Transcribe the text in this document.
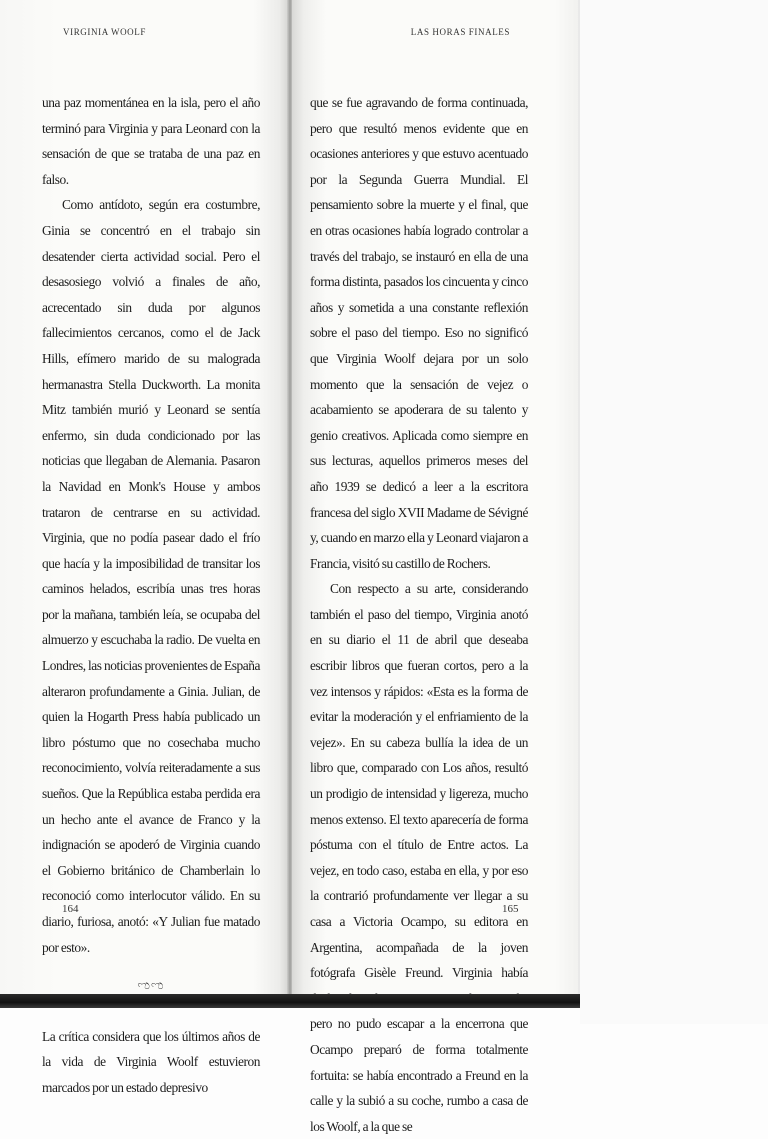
VIRGINIA WOOLF

una paz momentánea en la isla, pero el año terminó para Virginia y para Leonard con la sensación de que se trataba de una paz en falso.

Como antídoto, según era costumbre, Ginia se concentró en el trabajo sin desatender cierta actividad social. Pero el desasosiego volvió a finales de año, acrecentado sin duda por algunos fallecimientos cercanos, como el de Jack Hills, efímero marido de su malograda hermanastra Stella Duckworth. La monita Mitz también murió y Leonard se sentía enfermo, sin duda condicionado por las noticias que llegaban de Alemania. Pasaron la Navidad en Monk's House y ambos trataron de centrarse en su actividad. Virginia, que no podía pasear dado el frío que hacía y la imposibilidad de transitar los caminos helados, escribía unas tres horas por la mañana, también leía, se ocupaba del almuerzo y escuchaba la radio. De vuelta en Londres, las noticias provenientes de España alteraron profundamente a Ginia. Julian, de quien la Hogarth Press había publicado un libro póstumo que no cosechaba mucho reconocimiento, volvía reiteradamente a sus sueños. Que la República estaba perdida era un hecho ante el avance de Franco y la indignación se apoderó de Virginia cuando el Gobierno británico de Chamberlain lo reconoció como interlocutor válido. En su diario, furiosa, anotó: «Y Julian fue matado por esto».

ಌಌ

La crítica considera que los últimos años de la vida de Virginia Woolf estuvieron marcados por un estado depresivo

164
LAS HORAS FINALES

que se fue agravando de forma continuada, pero que resultó menos evidente que en ocasiones anteriores y que estuvo acentuado por la Segunda Guerra Mundial. El pensamiento sobre la muerte y el final, que en otras ocasiones había logrado controlar a través del trabajo, se instauró en ella de una forma distinta, pasados los cincuenta y cinco años y sometida a una constante reflexión sobre el paso del tiempo. Eso no significó que Virginia Woolf dejara por un solo momento que la sensación de vejez o acabamiento se apoderara de su talento y genio creativos. Aplicada como siempre en sus lecturas, aquellos primeros meses del año 1939 se dedicó a leer a la escritora francesa del siglo XVII Madame de Sévigné y, cuando en marzo ella y Leonard viajaron a Francia, visitó su castillo de Rochers.

Con respecto a su arte, considerando también el paso del tiempo, Virginia anotó en su diario el 11 de abril que deseaba escribir libros que fueran cortos, pero a la vez intensos y rápidos: «Esta es la forma de evitar la moderación y el enfriamiento de la vejez». En su cabeza bullía la idea de un libro que, comparado con Los años, resultó un prodigio de intensidad y ligereza, mucho menos extenso. El texto aparecería de forma póstuma con el título de Entre actos. La vejez, en todo caso, estaba en ella, y por eso la contrarió profundamente ver llegar a su casa a Victoria Ocampo, su editora en Argentina, acompañada de la joven fotógrafa Gisèle Freund. Virginia había pero no pudo escapar a la encerrona que Ocampo preparó de forma totalmente fortuita: se había encontrado a Freund en la calle y la subió a su coche, rumbo a casa de los Woolf, a la que se

165
